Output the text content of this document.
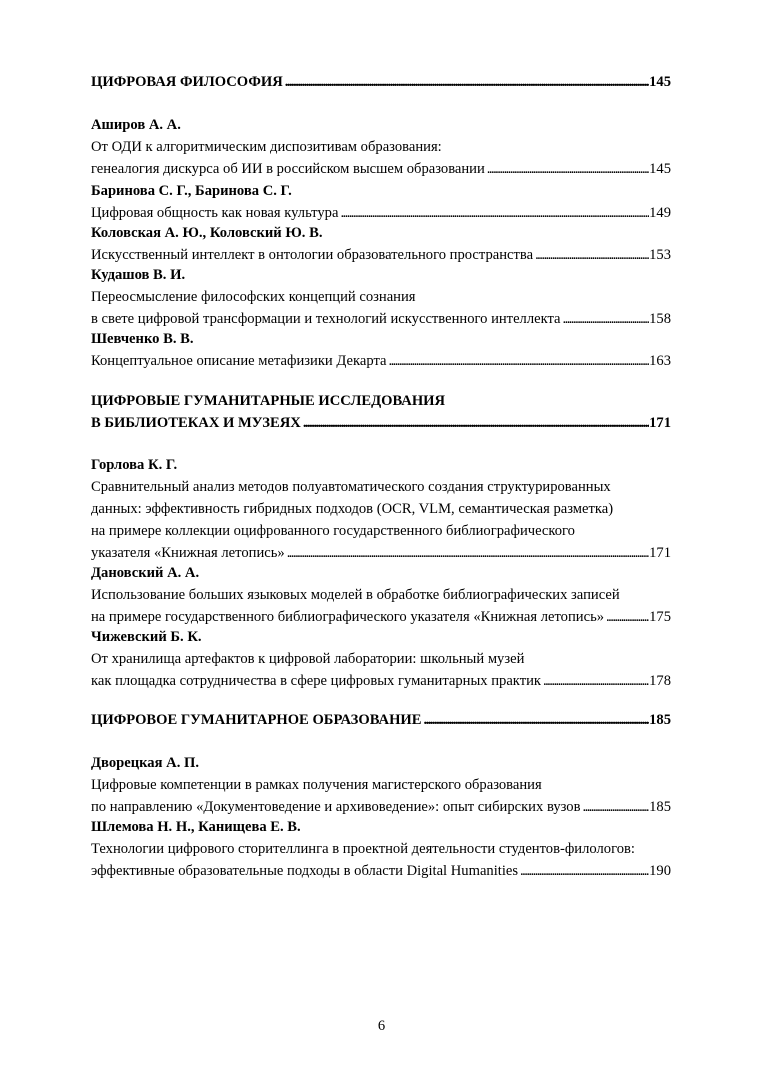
ЦИФРОВАЯ ФИЛОСОФИЯ . . .	145
Аширов А. А.
От ОДИ к алгоритмическим диспозитивам образования:
генеалогия дискурса об ИИ в российском высшем образовании . . .	145
Баринова С. Г., Баринова С. Г.
Цифровая общность как новая культура . . .	149
Коловская А. Ю., Коловский Ю. В.
Искусственный интеллект в онтологии образовательного пространства . . .	153
Кудашов В. И.
Переосмысление философских концепций сознания
в свете цифровой трансформации и технологий искусственного интеллекта . . .	158
Шевченко В. В.
Концептуальное описание метафизики Декарта . . .	163
ЦИФРОВЫЕ ГУМАНИТАРНЫЕ ИССЛЕДОВАНИЯ
В БИБЛИОТЕКАХ И МУЗЕЯХ . . .	171
Горлова К. Г.
Сравнительный анализ методов полуавтоматического создания структурированных
данных: эффективность гибридных подходов (OCR, VLM, семантическая разметка)
на примере коллекции оцифрованного государственного библиографического
указателя «Книжная летопись» . . .	171
Дановский А. А.
Использование больших языковых моделей в обработке библиографических записей
на примере государственного библиографического указателя «Книжная летопись» . . .	175
Чижевский Б. К.
От хранилища артефактов к цифровой лаборатории: школьный музей
как площадка сотрудничества в сфере цифровых гуманитарных практик . . .	178
ЦИФРОВОЕ ГУМАНИТАРНОЕ ОБРАЗОВАНИЕ . . .	185
Дворецкая А. П.
Цифровые компетенции в рамках получения магистерского образования
по направлению «Документоведение и архивоведение»: опыт сибирских вузов . . .	185
Шлемова Н. Н., Канищева Е. В.
Технологии цифрового сторителлинга в проектной деятельности студентов-филологов:
эффективные образовательные подходы в области Digital Humanities . . .	190
6
